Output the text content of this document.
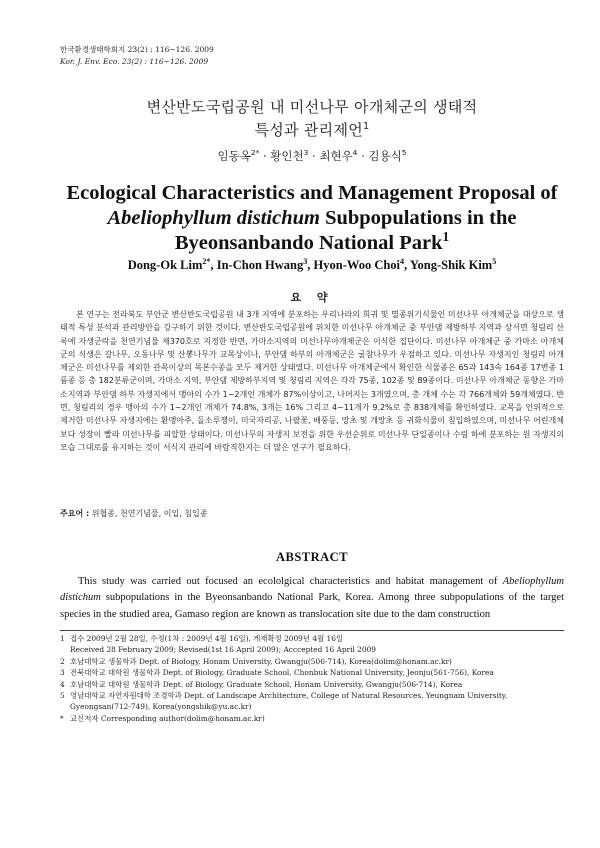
한국환경생태학회지 23(2) : 116~126. 2009
Kor. J. Env. Eco. 23(2) : 116~126. 2009
변산반도국립공원 내 미선나무 아개체군의 생태적
특성과 관리제언$^1$
임동옥$^{2*}$ · 황인천$^3$ · 최현우$^4$ · 김용식$^5$
Ecological Characteristics and Management Proposal of
Abeliophyllum distichum Subpopulations in the
Byeonsanbando National Park$^1$
Dong-Ok Lim$^{2*}$, In-Chon Hwang$^3$, Hyon-Woo Choi$^4$, Yong-Shik Kim$^5$
요 약
본 연구는 전라북도 부안군 변산반도국립공원 내 3개 지역에 분포하는 우리나라의 희귀 및 멸종위기식물인 미선나무 아개체군을 대상으로 생태적 특성 분석과 관리방안을 강구하기 위한 것이다. 변산반도국립공원에 위치한 미선나무 아개체군 중 부안댐 제방하부 지역과 상서면 청림리 산록에 자생군락을 천연기념물 제370호로 지정한 반면, 가마소지역의 미선나무아개체군은 이식한 집단이다. 미선나무 아개체군 중 가마소 아개체군의 식생은 갈나무, 오동나무 및 산뽕나무가 교목상이나, 부안댐 하부의 아개체군은 굴참나무가 우점하고 있다. 미선나무 자생지인 청림리 아개체군은 미선나무를 제외한 관목이상의 목본수종을 모두 제거한 상태였다. 미선나무 아개체군에서 확인한 식물종은 65과 143속 164종 17변종 1품종 등 총 182분류군이며, 가마소 지역, 부안댐 제방하부지역 및 청림리 지역은 각각 75종, 102종 및 89종이다. 미선나무 아개체군 동향은 가마소지역과 부안댐 하부 자생지에서 맹아의 수가 1~2개인 개체가 87%이상이고, 나머지는 3개였으며, 총 개체 수는 각 766개체와 59개체였다. 반면, 청림리의 경우 맹아의 수가 1~2개인 개체가 74.8%, 3개는 16% 그리고 4~11개가 9.2%로 총 838개체를 확인하였다. 교목을 인위적으로 제거한 미선나무 자생지에는 환맹아주, 돌소루쟁이, 미국자리공, 나팔꽃, 배풍등, 망초 및 개망초 등 귀화식물이 침입하였으며, 미선나무 어린개체보다 성장이 빨라 미선나무를 피압한 상태이다. 미선나무의 자생지 보전을 위한 우선순위로 미선나무 단일종이나 수림 하에 분포하는 원 자생지의 모습 그대로를 유지하는 것이 서식지 관리에 바람직한지는 더 많은 연구가 필요하다.
주요어 : 위협종, 천연기념물, 이입, 침입종
ABSTRACT
This study was carried out focused an ecololgical characteristics and habitat management of Abeliophyllum distichum subpopulations in the Byeonsanbando National Park, Korea. Among three subpopulations of the target species in the studied area, Gamaso region are known as translocation site due to the dam construction
1 접수 2009년 2월 28일, 수정(1차 : 2009년 4월 16일), 게재확정 2009년 4월 16일
Received 28 February 2009; Revised(1st 16 April 2009); Acccepted 16 April 2009
2 호남대학교 생물학과 Dept. of Biology, Honam University, Gwangju(506-714), Korea(dolim@honam.ac.kr)
3 전북대학교 대학원 생물학과 Dept. of Biology, Graduate School, Chonbuk National University, Jeonju(561-756), Korea
4 호남대학교 대학원 생물학과 Dept. of Biology, Graduate School, Honam University, Gwangju(506-714), Korea
5 영남대학교 자연자원대학 조경학과 Dept. of Landscape Architecture, College of Natural Resources, Yeungnam University,
Gyeongsan(712-749), Korea(yongshik@yu.ac.kr)
* 교신저자 Corresponding author(dolim@honam.ac.kr)
